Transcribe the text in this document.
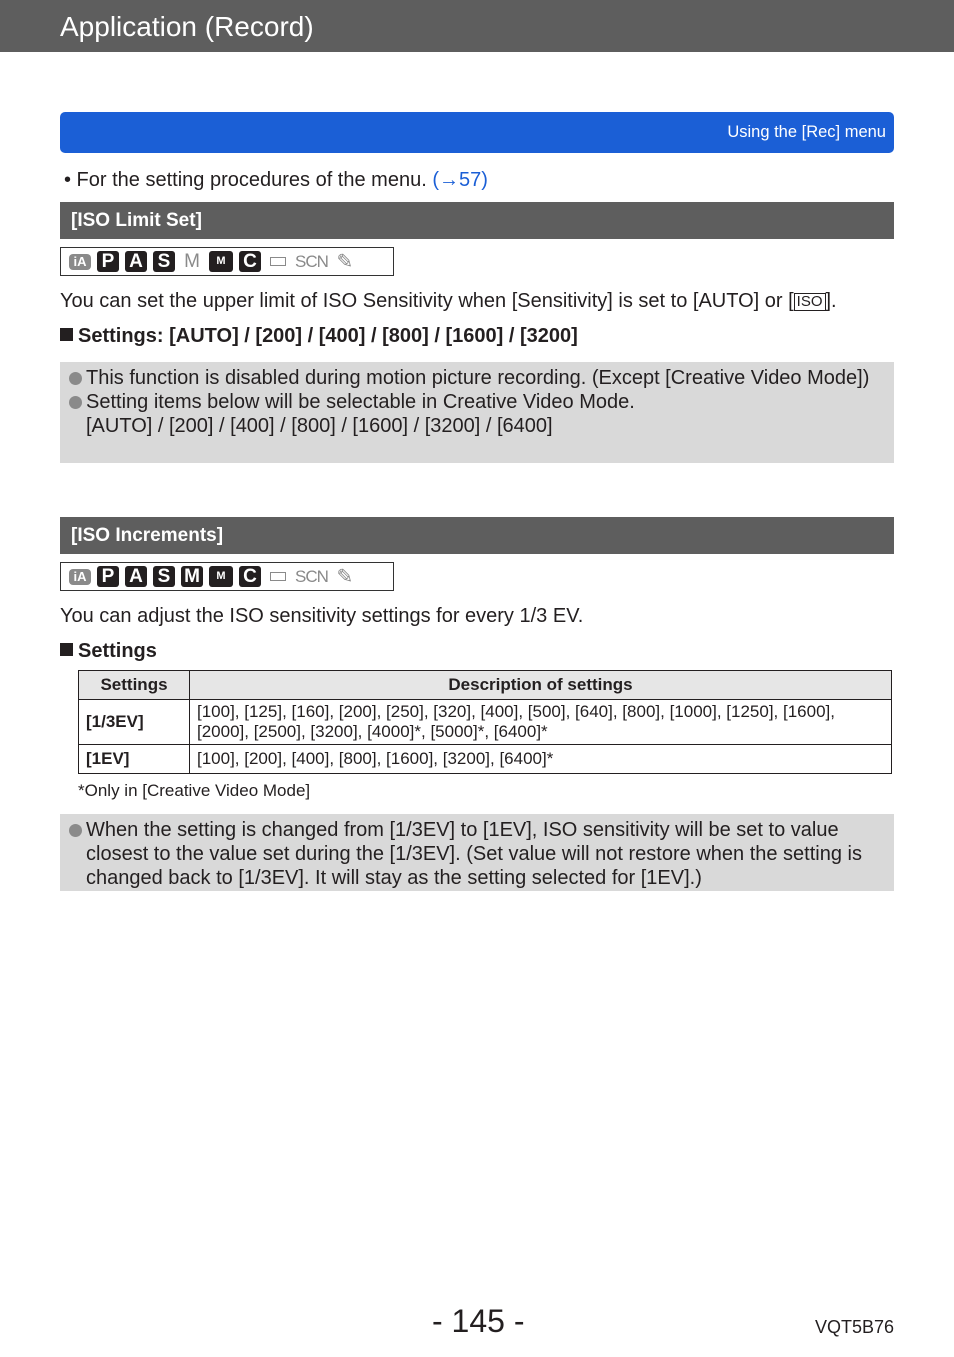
Application (Record)
Using the [Rec] menu
• For the setting procedures of the menu. (→57)
[ISO Limit Set]
iA P A S M	M C SCN ✎
You can set the upper limit of ISO Sensitivity when [Sensitivity] is set to [AUTO] or [ ISO ].
Settings: [AUTO] / [200] / [400] / [800] / [1600] / [3200]

This function is disabled during motion picture recording. (Except [Creative Video Mode])

Setting items below will be selectable in Creative Video Mode.

[AUTO] / [200] / [400] / [800] / [1600] / [3200] / [6400]

[ISO Increments]
iA P A S M	M C SCN ✎
You can adjust the ISO sensitivity settings for every 1/3 EV.
Settings
Settings	Description of settings
[1/3EV]	[100], [125], [160], [200], [250], [320], [400], [500], [640], [800], [1000], [1250], [1600], [2000], [2500], [3200], [4000]*, [5000]*, [6400]*
[1EV]	[100], [200], [400], [800], [1600], [3200], [6400]*
*Only in [Creative Video Mode]

When the setting is changed from [1/3EV] to [1EV], ISO sensitivity will be set to value closest to the value set during the [1/3EV]. (Set value will not restore when the setting is changed back to [1/3EV]. It will stay as the setting selected for [1EV].)

- 145 -	VQT5B76
